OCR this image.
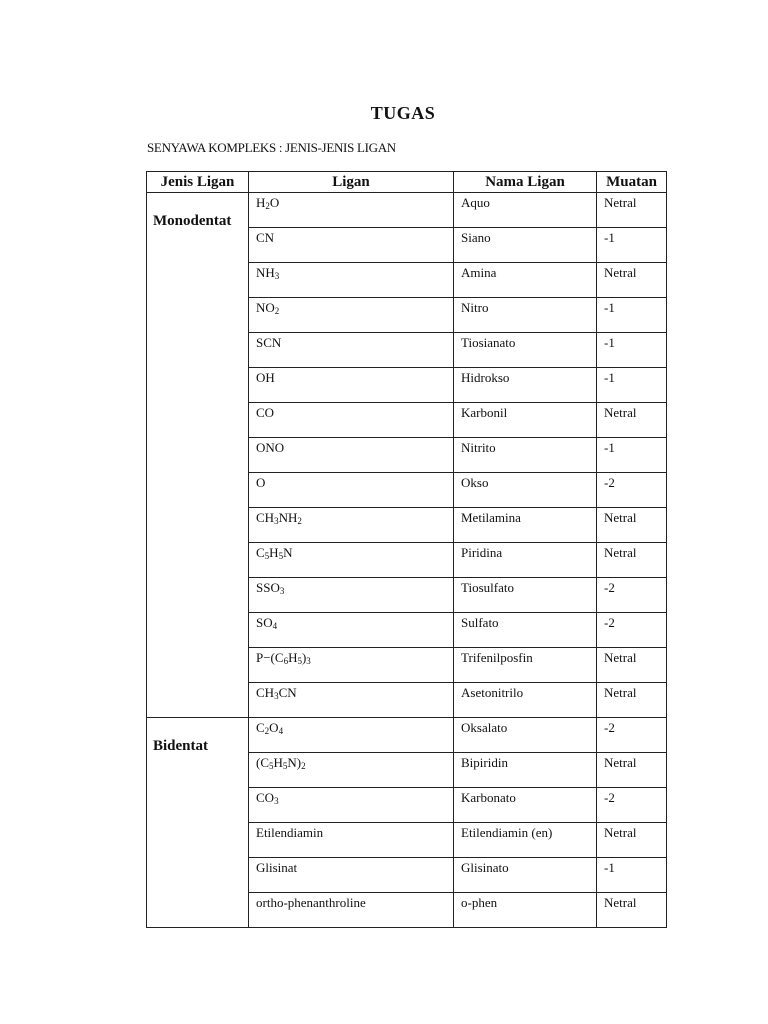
TUGAS
SENYAWA KOMPLEKS : JENIS-JENIS LIGAN
Jenis Ligan	Ligan	Nama Ligan	Muatan
Monodentat	$H_2O$	Aquo	Netral
	CN	Siano	-1
	$NH_3$	Amina	Netral
	$NO_2$	Nitro	-1
	SCN	Tiosianato	-1
	OH	Hidrokso	-1
	CO	Karbonil	Netral
	ONO	Nitrito	-1
	O	Okso	-2
	$CH_3NH_2$	Metilamina	Netral
	$C_5H_5N$	Piridina	Netral
	$SSO_3$	Tiosulfato	-2
	$SO_4$	Sulfato	-2
	$P-(C_6H_5)_3$	Trifenilposfin	Netral
	$CH_3CN$	Asetonitrilo	Netral
Bidentat	$C_2O_4$	Oksalato	-2
	$(C_5H_5N)_2$	Bipiridin	Netral
	$CO_3$	Karbonato	-2
	Etilendiamin	Etilendiamin (en)	Netral
	Glisinat	Glisinato	-1
	ortho-phenanthroline	o-phen	Netral
